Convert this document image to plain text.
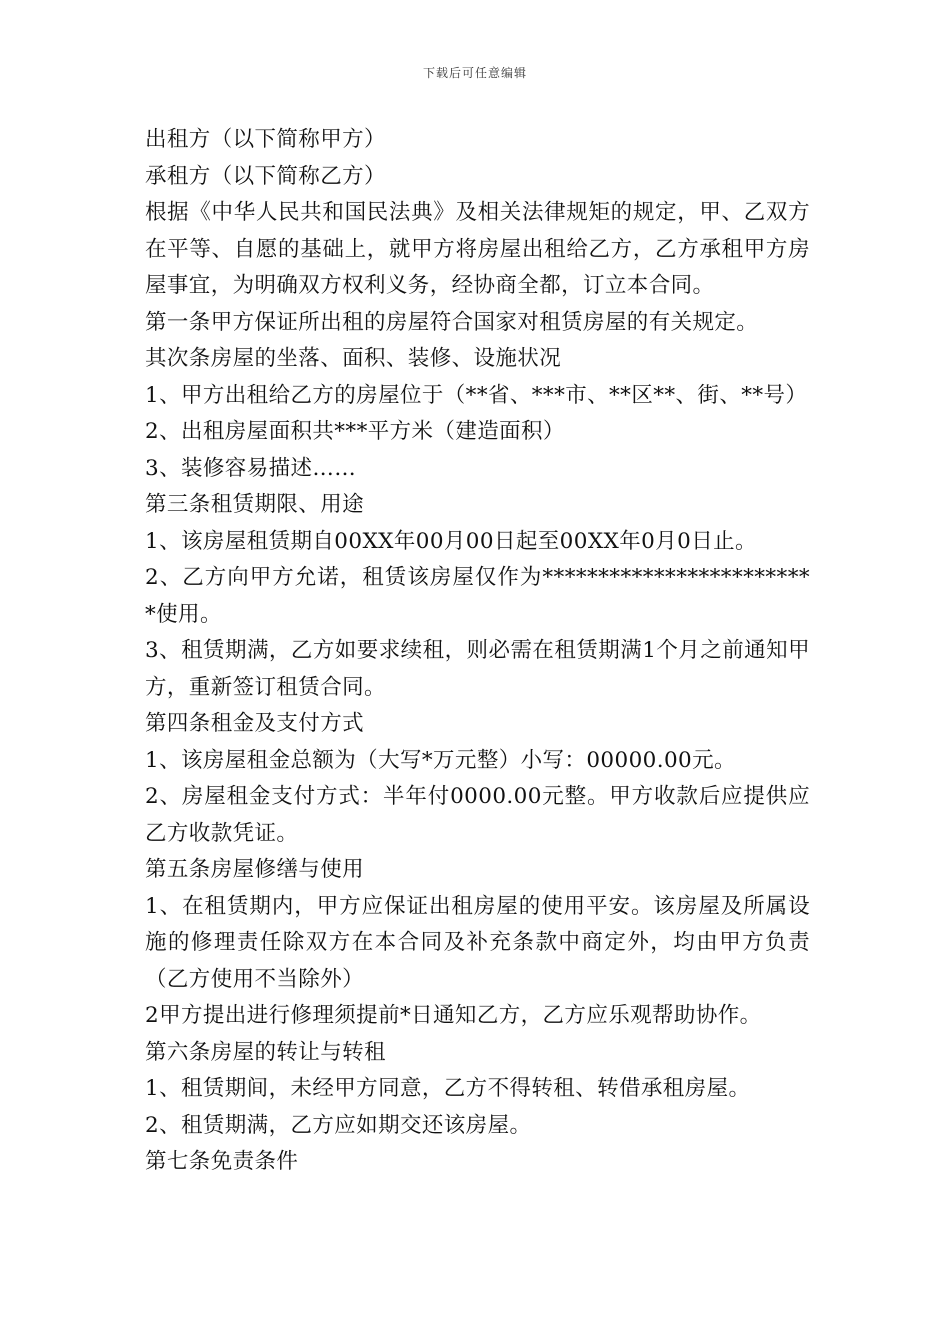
下载后可任意编辑

出租方（以下简称甲方）

承租方（以下简称乙方）

根据《中华人民共和国民法典》及相关法律规矩的规定，甲、乙双方在平等、自愿的基础上，就甲方将房屋出租给乙方，乙方承租甲方房屋事宜，为明确双方权利义务，经协商全都，订立本合同。

第一条甲方保证所出租的房屋符合国家对租赁房屋的有关规定。

其次条房屋的坐落、面积、装修、设施状况

1、甲方出租给乙方的房屋位于（**省、***市、**区**、街、**号）

2、出租房屋面积共***平方米（建造面积）

3、装修容易描述……

第三条租赁期限、用途

1、该房屋租赁期自00XX年00月00日起至00XX年0月0日止。

2、乙方向甲方允诺，租赁该房屋仅作为*************************使用。

3、租赁期满，乙方如要求续租，则必需在租赁期满1个月之前通知甲方，重新签订租赁合同。

第四条租金及支付方式

1、该房屋租金总额为（大写*万元整）小写：00000.00元。

2、房屋租金支付方式：半年付0000.00元整。甲方收款后应提供应乙方收款凭证。

第五条房屋修缮与使用

1、在租赁期内，甲方应保证出租房屋的使用平安。该房屋及所属设施的修理责任除双方在本合同及补充条款中商定外，均由甲方负责（乙方使用不当除外）

2甲方提出进行修理须提前*日通知乙方，乙方应乐观帮助协作。

第六条房屋的转让与转租

1、租赁期间，未经甲方同意，乙方不得转租、转借承租房屋。

2、租赁期满，乙方应如期交还该房屋。

第七条免责条件
